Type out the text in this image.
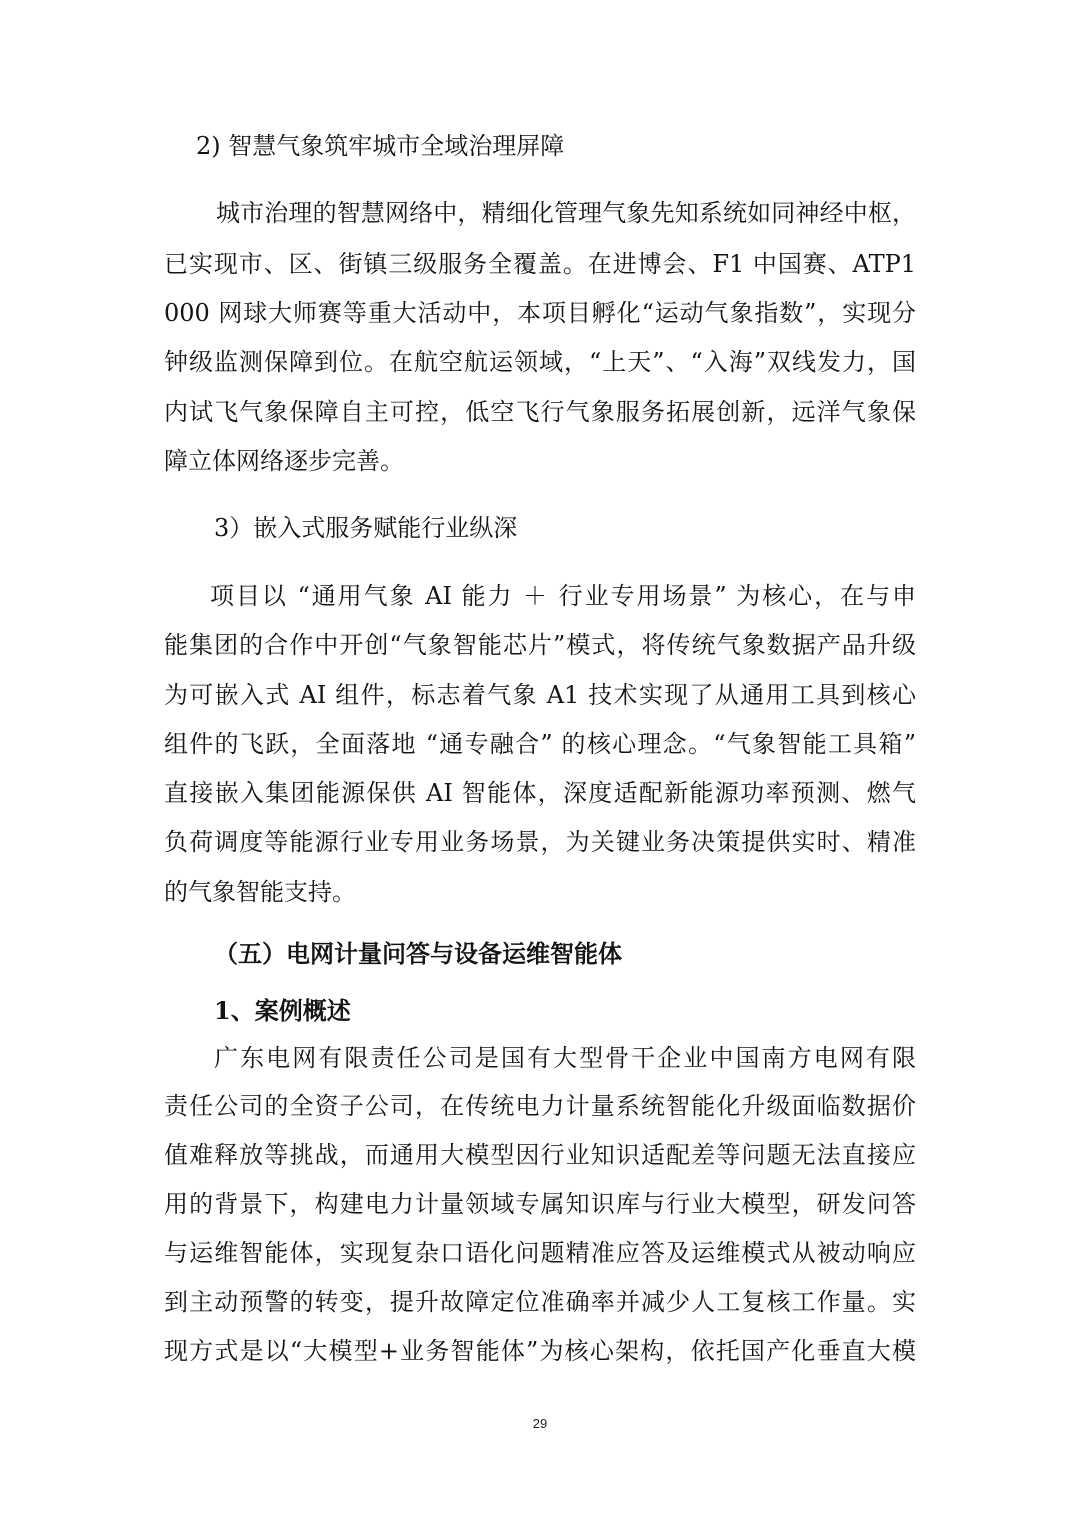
2) 智慧气象筑牢城市全域治理屏障

城市治理的智慧网络中，精细化管理气象先知系统如同神经中枢，

已实现市、区、街镇三级服务全覆盖。在进博会、F1 中国赛、ATP1

000 网球大师赛等重大活动中，本项目孵化“运动气象指数”，实现分

钟级监测保障到位。在航空航运领域，“上天”、“入海”双线发力，国

内试飞气象保障自主可控，低空飞行气象服务拓展创新，远洋气象保

障立体网络逐步完善。

3）嵌入式服务赋能行业纵深

项目以 “通用气象 AI 能力 ＋ 行业专用场景” 为核心，在与申

能集团的合作中开创“气象智能芯片”模式，将传统气象数据产品升级

为可嵌入式 AI 组件，标志着气象 A1 技术实现了从通用工具到核心

组件的飞跃，全面落地 “通专融合” 的核心理念。“气象智能工具箱”

直接嵌入集团能源保供 AI 智能体，深度适配新能源功率预测、燃气

负荷调度等能源行业专用业务场景，为关键业务决策提供实时、精准

的气象智能支持。

（五）电网计量问答与设备运维智能体

1、案例概述

广东电网有限责任公司是国有大型骨干企业中国南方电网有限

责任公司的全资子公司，在传统电力计量系统智能化升级面临数据价

值难释放等挑战，而通用大模型因行业知识适配差等问题无法直接应

用的背景下，构建电力计量领域专属知识库与行业大模型，研发问答

与运维智能体，实现复杂口语化问题精准应答及运维模式从被动响应

到主动预警的转变，提升故障定位准确率并减少人工复核工作量。实

现方式是以“大模型+业务智能体”为核心架构，依托国产化垂直大模

29
